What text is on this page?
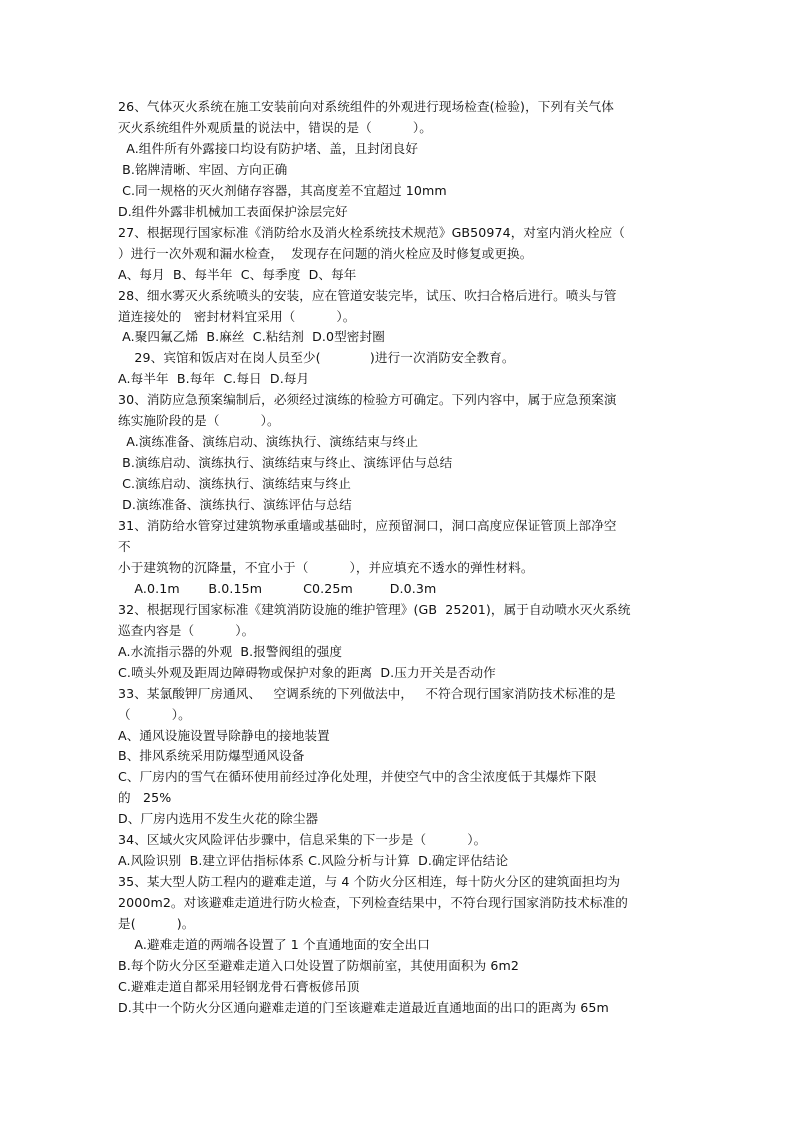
26、气体灭火系统在施工安装前向对系统组件的外观进行现场检查(检验)，下列有关气体
灭火系统组件外观质量的说法中，错误的是（          ）。
A.组件所有外露接口均设有防护堵、盖，且封闭良好
B.铭牌清晰、牢固、方向正确
C.同一规格的灭火剂储存容器，其高度差不宜超过 10mm
D.组件外露非机械加工表面保护涂层完好
27、根据现行国家标准《消防给水及消火栓系统技术规范》GB50974，对室内消火栓应（
）进行一次外观和漏水检查，  发现存在问题的消火栓应及时修复或更换。
A、每月  B、每半年  C、每季度  D、每年
28、细水雾灭火系统喷头的安装，应在管道安装完毕，试压、吹扫合格后进行。喷头与管
道连接处的   密封材料宜采用（          ）。
A.聚四氟乙烯  B.麻丝  C.粘结剂  D.0型密封圈
29、宾馆和饭店对在岗人员至少(            )进行一次消防安全教育。
A.每半年  B.每年  C.每日  D.每月
30、消防应急预案编制后，必须经过演练的检验方可确定。下列内容中，属于应急预案演
练实施阶段的是（          ）。
A.演练准备、演练启动、演练执行、演练结束与终止
B.演练启动、演练执行、演练结束与终止、演练评估与总结
C.演练启动、演练执行、演练结束与终止
D.演练准备、演练执行、演练评估与总结
31、消防给水管穿过建筑物承重墙或基础时，应预留洞口，洞口高度应保证管顶上部净空
不
小于建筑物的沉降量，不宜小于（          ），并应填充不透水的弹性材料。
A.0.1m       B.0.15m          C0.25m         D.0.3m
32、根据现行国家标准《建筑消防设施的维护管理》(GB  25201)，属于自动喷水灭火系统
巡查内容是（          ）。
A.水流指示器的外观  B.报警阀组的强度
C.喷头外观及距周边障碍物或保护对象的距离  D.压力开关是否动作
33、某氯酸钾厂房通风、   空调系统的下列做法中，   不符合现行国家消防技术标准的是
（          ）。
A、通风设施设置导除静电的接地装置
B、排风系统采用防爆型通风设备
C、厂房内的雪气在循环使用前经过净化处理，并使空气中的含尘浓度低于其爆炸下限
的   25%
D、厂房内选用不发生火花的除尘器
34、区域火灾风险评估步骤中，信息采集的下一步是（          ）。
A.风险识别  B.建立评估指标体系 C.风险分析与计算  D.确定评估结论
35、某大型人防工程内的避难走道，与 4 个防火分区相连，每十防火分区的建筑面担均为
2000m2。对该避难走道进行防火检查，下列检查结果中，不符台现行国家消防技术标准的
是(          )。
A.避难走道的两端各设置了 1 个直通地面的安全出口
B.每个防火分区至避难走道入口处设置了防烟前室，其使用面积为 6m2
C.避难走道自都采用轻钢龙骨石膏板偐吊顶
D.其中一个防火分区通向避难走道的门至该避难走道最近直通地面的出口的距离为 65m
